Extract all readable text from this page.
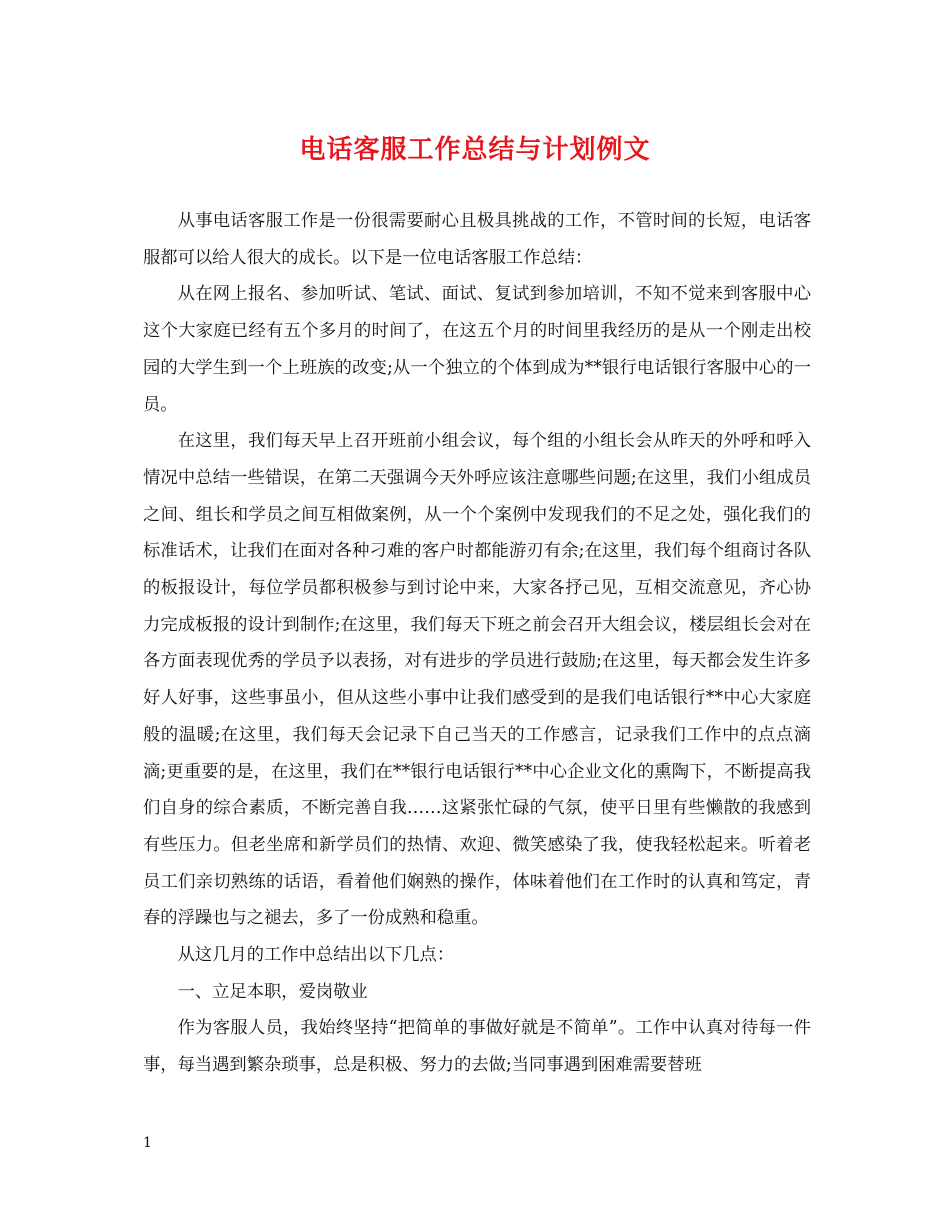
电话客服工作总结与计划例文

从事电话客服工作是一份很需要耐心且极具挑战的工作，不管时间的长短，电话客服都可以给人很大的成长。以下是一位电话客服工作总结：

从在网上报名、参加听试、笔试、面试、复试到参加培训，不知不觉来到客服中心这个大家庭已经有五个多月的时间了，在这五个月的时间里我经历的是从一个刚走出校园的大学生到一个上班族的改变;从一个独立的个体到成为**银行电话银行客服中心的一员。

在这里，我们每天早上召开班前小组会议，每个组的小组长会从昨天的外呼和呼入情况中总结一些错误，在第二天强调今天外呼应该注意哪些问题;在这里，我们小组成员之间、组长和学员之间互相做案例，从一个个案例中发现我们的不足之处，强化我们的标准话术，让我们在面对各种刁难的客户时都能游刃有余;在这里，我们每个组商讨各队的板报设计，每位学员都积极参与到讨论中来，大家各抒己见，互相交流意见，齐心协力完成板报的设计到制作;在这里，我们每天下班之前会召开大组会议，楼层组长会对在各方面表现优秀的学员予以表扬，对有进步的学员进行鼓励;在这里，每天都会发生许多好人好事，这些事虽小，但从这些小事中让我们感受到的是我们电话银行**中心大家庭般的温暖;在这里，我们每天会记录下自己当天的工作感言，记录我们工作中的点点滴滴;更重要的是，在这里，我们在**银行电话银行**中心企业文化的熏陶下，不断提高我们自身的综合素质，不断完善自我……这紧张忙碌的气氛，使平日里有些懒散的我感到有些压力。但老坐席和新学员们的热情、欢迎、微笑感染了我，使我轻松起来。听着老员工们亲切熟练的话语，看着他们娴熟的操作，体味着他们在工作时的认真和笃定，青春的浮躁也与之褪去，多了一份成熟和稳重。

从这几月的工作中总结出以下几点：

一、立足本职，爱岗敬业

作为客服人员，我始终坚持“把简单的事做好就是不简单”。工作中认真对待每一件事，每当遇到繁杂琐事，总是积极、努力的去做;当同事遇到困难需要替班

1
